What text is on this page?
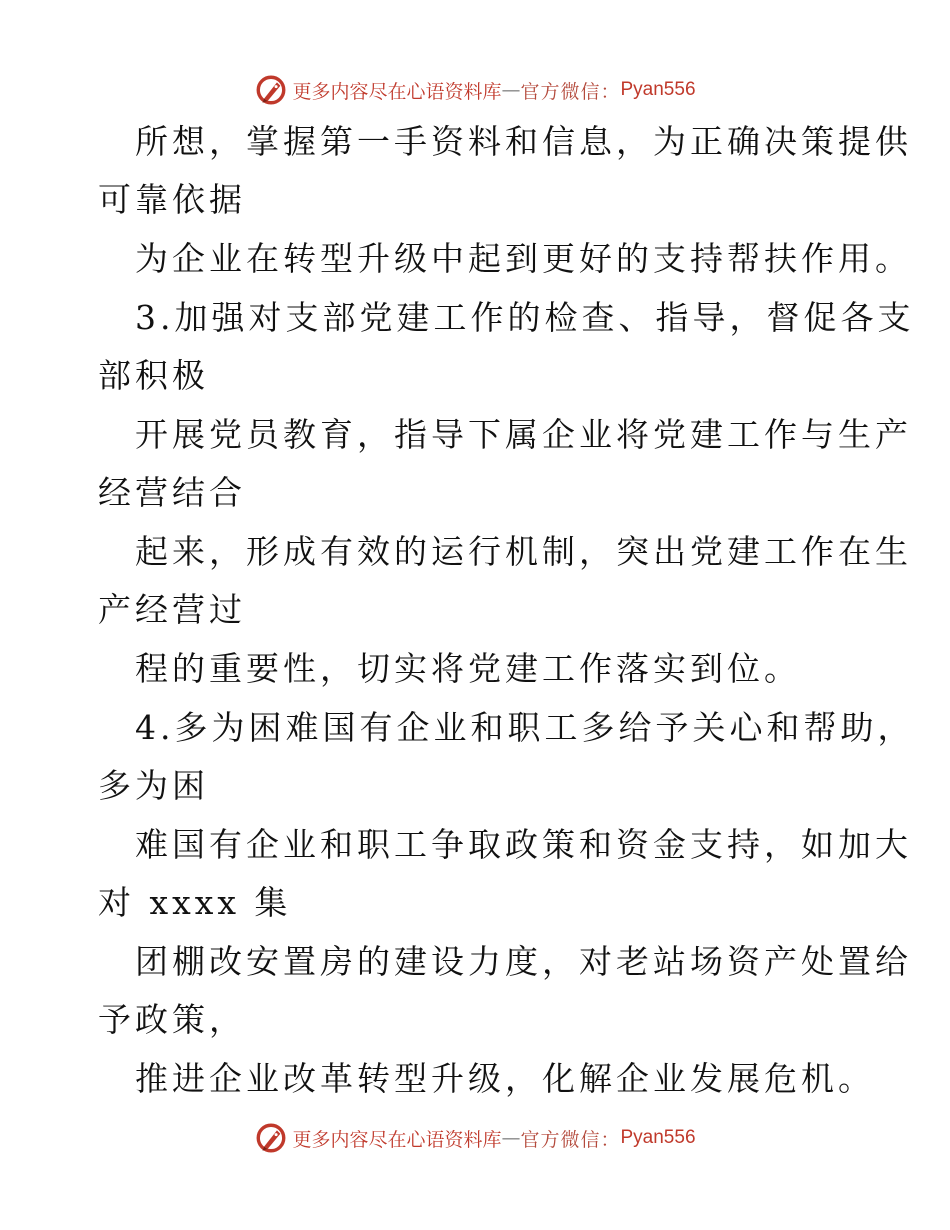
更多内容尽在心语资料库 — 官方微信： Pyan556
所想，掌握第一手资料和信息，为正确决策提供
可靠依据
为企业在转型升级中起到更好的支持帮扶作用。
3.加强对支部党建工作的检查、指导，督促各支
部积极
开展党员教育，指导下属企业将党建工作与生产
经营结合
起来，形成有效的运行机制，突出党建工作在生
产经营过
程的重要性，切实将党建工作落实到位。
4.多为困难国有企业和职工多给予关心和帮助，
多为困
难国有企业和职工争取政策和资金支持，如加大
对 xxxx 集
团棚改安置房的建设力度，对老站场资产处置给
予政策，
推进企业改革转型升级，化解企业发展危机。
更多内容尽在心语资料库 — 官方微信： Pyan556
